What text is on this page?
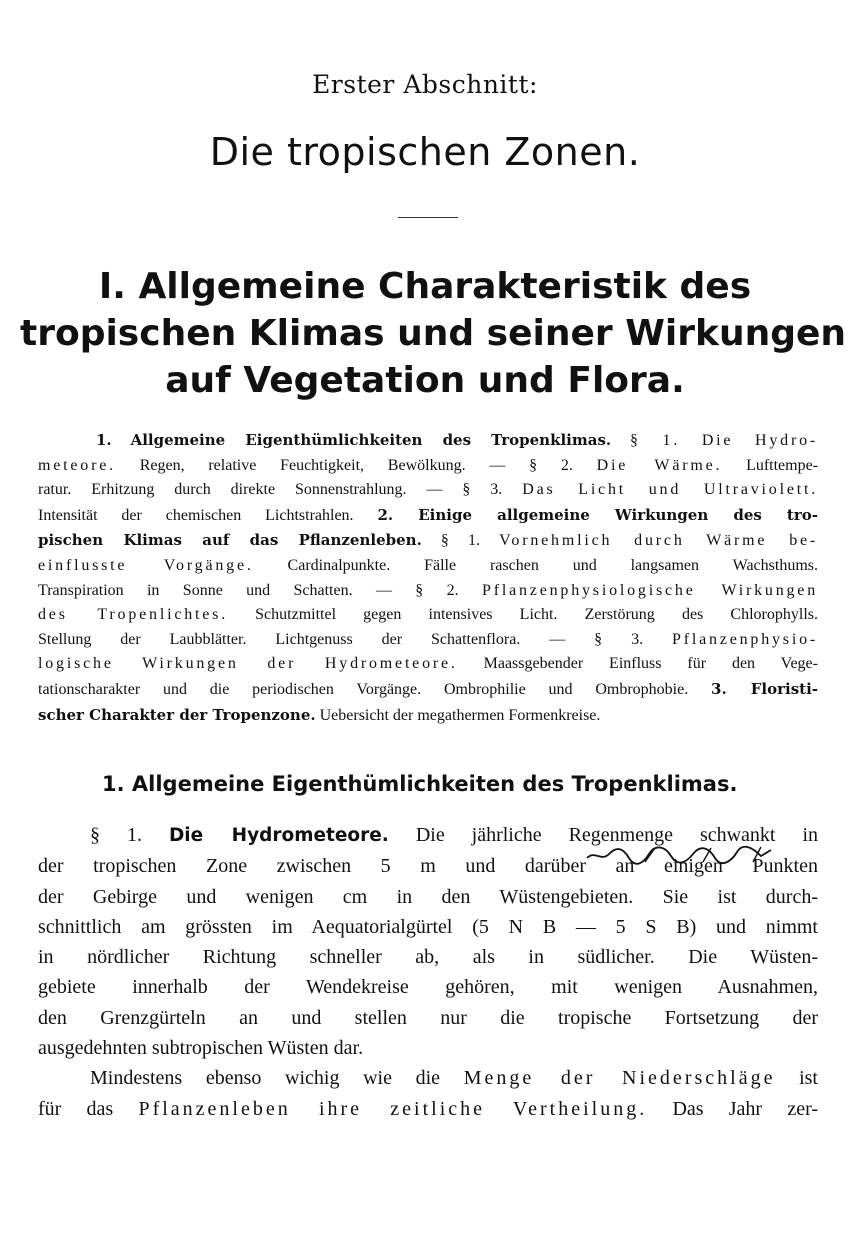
Erster Abschnitt:
Die tropischen Zonen.
I. Allgemeine Charakteristik des
tropischen Klimas und seiner Wirkungen
auf Vegetation und Flora.
1. Allgemeine Eigenthümlichkeiten des Tropenklimas. § 1. Die Hydro-
meteore. Regen, relative Feuchtigkeit, Bewölkung. — § 2. Die Wärme. Lufttempe-
ratur. Erhitzung durch direkte Sonnenstrahlung. — § 3. Das Licht und Ultraviolett.
Intensität der chemischen Lichtstrahlen. 2. Einige allgemeine Wirkungen des tro-
pischen Klimas auf das Pflanzenleben. § 1. Vornehmlich durch Wärme be-
einflusste Vorgänge. Cardinalpunkte. Fälle raschen und langsamen Wachsthums.
Transpiration in Sonne und Schatten. — § 2. Pflanzenphysiologische Wirkungen
des Tropenlichtes. Schutzmittel gegen intensives Licht. Zerstörung des Chlorophylls.
Stellung der Laubblätter. Lichtgenuss der Schattenflora. — § 3. Pflanzenphysio-
logische Wirkungen der Hydrometeore. Maassgebender Einfluss für den Vege-
tationscharakter und die periodischen Vorgänge. Ombrophilie und Ombrophobie. 3. Floristi-
scher Charakter der Tropenzone. Uebersicht der megathermen Formenkreise.
1. Allgemeine Eigenthümlichkeiten des Tropenklimas.
§ 1. Die Hydrometeore. Die jährliche Regenmenge schwankt in
der tropischen Zone zwischen 5 m und darüber an einigen Punkten
der Gebirge und wenigen cm in den Wüstengebieten. Sie ist durch-
schnittlich am grössten im Aequatorialgürtel (5 N B — 5 S B) und nimmt
in nördlicher Richtung schneller ab, als in südlicher. Die Wüsten-
gebiete innerhalb der Wendekreise gehören, mit wenigen Ausnahmen,
den Grenzgürteln an und stellen nur die tropische Fortsetzung der
ausgedehnten subtropischen Wüsten dar.
Mindestens ebenso wichig wie die Menge der Niederschläge ist
für das Pflanzenleben ihre zeitliche Vertheilung. Das Jahr zer-
